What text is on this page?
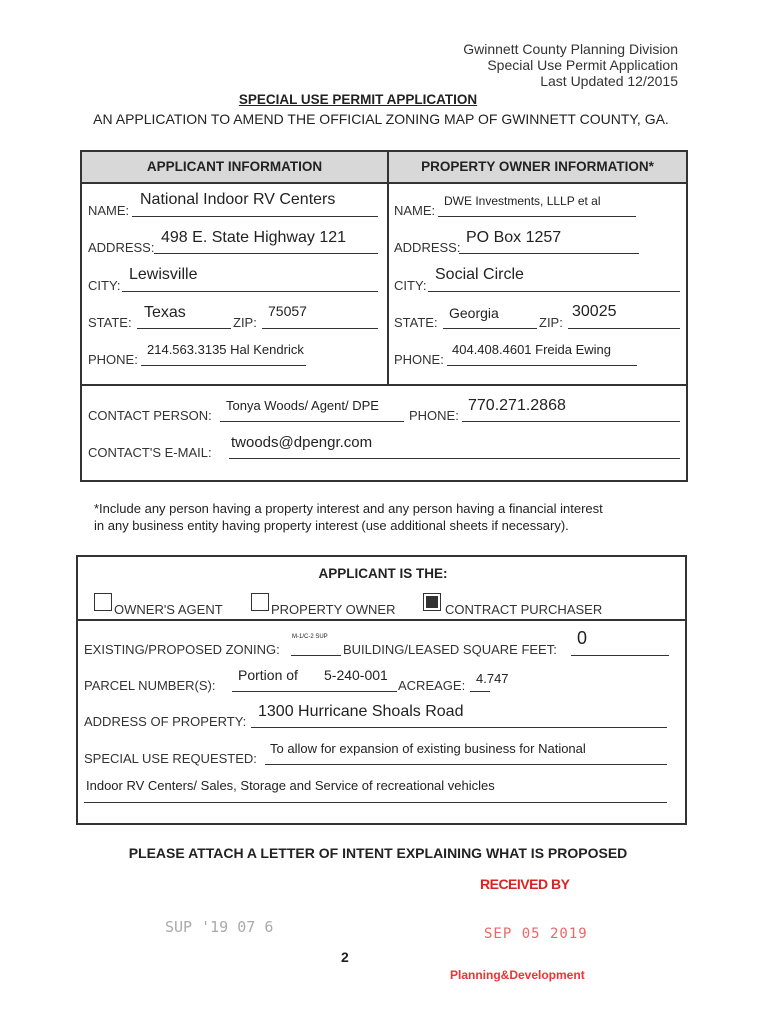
Gwinnett County Planning Division
Special Use Permit Application
Last Updated 12/2015
SPECIAL USE PERMIT APPLICATION
AN APPLICATION TO AMEND THE OFFICIAL ZONING MAP OF GWINNETT COUNTY, GA.
APPLICANT INFORMATION	PROPERTY OWNER INFORMATION*
NAME:
National Indoor RV Centers
ADDRESS:
498 E. State Highway 121
CITY:
Lewisville
STATE:
Texas
ZIP:
75057
PHONE:
214.563.3135 Hal Kendrick
NAME:
DWE Investments, LLLP et al
ADDRESS:
PO Box 1257
CITY:
Social Circle
STATE:
Georgia
ZIP:
30025
PHONE:
404.408.4601 Freida Ewing
CONTACT PERSON:
Tonya Woods/ Agent/ DPE
PHONE:
770.271.2868
CONTACT'S E-MAIL:
twoods@dpengr.com
*Include any person having a property interest and any person having a financial interest
in any business entity having property interest (use additional sheets if necessary).
APPLICANT IS THE:
OWNER'S AGENT	PROPERTY OWNER	CONTRACT PURCHASER
EXISTING/PROPOSED ZONING:
M-1/C-2 SUP
BUILDING/LEASED SQUARE FEET:
0
PARCEL NUMBER(S):
Portion of 5-240-001
ACREAGE: 4.747
ADDRESS OF PROPERTY:
1300 Hurricane Shoals Road
SPECIAL USE REQUESTED:
To allow for expansion of existing business for National
Indoor RV Centers/ Sales, Storage and Service of recreational vehicles
PLEASE ATTACH A LETTER OF INTENT EXPLAINING WHAT IS PROPOSED
RECEIVED BY
SEP 05 2019
Planning&Development
SUP '19 07 6
2
